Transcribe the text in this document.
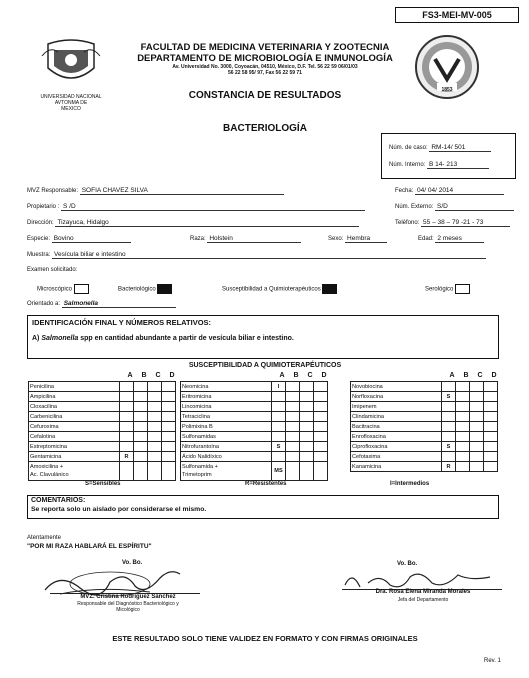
FS3-MEI-MV-005
UNIVERSIDAD NACIONAL
AVTONMA DE
MEXICO
1853
FACULTAD DE MEDICINA VETERINARIA Y ZOOTECNIA
DEPARTAMENTO DE MICROBIOLOGÍA E INMUNOLOGÍA
Av. Universidad No. 3000, Coyoacán, 04510, México, D.F. Tel. 56 22 59 06/01/03
56 22 58 95/ 97, Fax 56 22 59 71
CONSTANCIA DE RESULTADOS
BACTERIOLOGÍA
Núm. de caso: RM-14/ 501
Núm. Interno: B 14- 213
MVZ Responsable: SOFIA CHAVEZ SILVA	Fecha: 04/ 04/ 2014
Propietario : S /D	Núm. Externo: S/D
Dirección: Tizayuca, Hidalgo	Teléfono: 55 – 38 – 79 -21 - 73
Especie: Bovino	Raza: Holstein	Sexo: Hembra	Edad: 2 meses
Muestra: Vesícula biliar e intestino
Examen solicitado:
Microscópico	Bacteriológico	Susceptibilidad a Quimioterapéuticos	Serológico
Orientado a: Salmonella
IDENTIFICACIÓN FINAL Y NÚMEROS RELATIVOS:
A) Salmonella spp en cantidad abundante a partir de vesícula biliar e intestino.
SUSCEPTIBILIDAD A QUIMIOTERAPÉUTICOS
A	B	C	D
Penicilina				
Ampicilina				
Cloxacilina				
Carbenicilina				
Cefuroxima				
Cefalotina				
Estreptomicina				
Gentamicina	R			
Amoxicilina +
Ac. Clavulánico				
A	B	C	D
Neomicina	I			
Eritromicina				
Lincomicina				
Tetraciclina				
Polimixina B				
Sulfonamidas				
Nitrofurantoína	S			
Ácido Nalidíxico				
Sulfonamida +
Trimetoprim	MS			
A	B	C	D
Novobiocina				
Norfloxacina	S			
Imipenem				
Clindamicina				
Bacitracina				
Enrofloxacina				
Ciprofloxacina	S			
Cefotaxima				
Kanamicina	R			
S=Sensibles	R=Resistentes	I=Intermedios
COMENTARIOS:
Se reporta solo un aislado por considerarse el mismo.
Atentamente
"POR MI RAZA HABLARÁ EL ESPÍRITU"
Vo. Bo.
MVZ. Cristina Rodríguez Sánchez
Responsable del Diagnóstico Bacteriológico y
Micológico
Vo. Bo.
Dra. Rosa Elena Miranda Morales
Jefa del Departamento
ESTE RESULTADO SOLO TIENE VALIDEZ EN FORMATO Y CON FIRMAS ORIGINALES
Rev. 1
